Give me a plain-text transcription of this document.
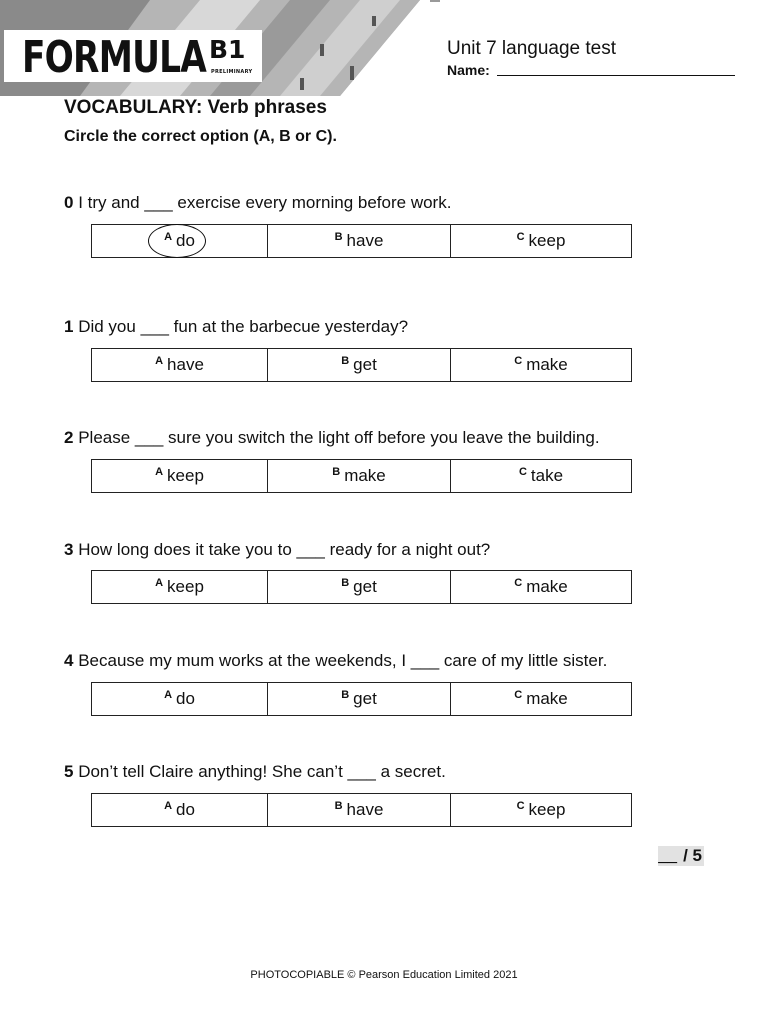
FORMULA B1
PRELIMINARY
Unit 7 language test
Name:
VOCABULARY: Verb phrases
Circle the correct option (A, B or C).
0 I try and ___ exercise every morning before work.
$^A$ do	$^B$ have	$^C$ keep
1 Did you ___ fun at the barbecue yesterday?
$^A$ have	$^B$ get	$^C$ make
2 Please ___ sure you switch the light off before you leave the building.
$^A$ keep	$^B$ make	$^C$ take
3 How long does it take you to ___ ready for a night out?
$^A$ keep	$^B$ get	$^C$ make
4 Because my mum works at the weekends, I ___ care of my little sister.
$^A$ do	$^B$ get	$^C$ make
5 Don’t tell Claire anything! She can’t ___ a secret.
$^A$ do	$^B$ have	$^C$ keep
__ / 5
PHOTOCOPIABLE © Pearson Education Limited 2021
